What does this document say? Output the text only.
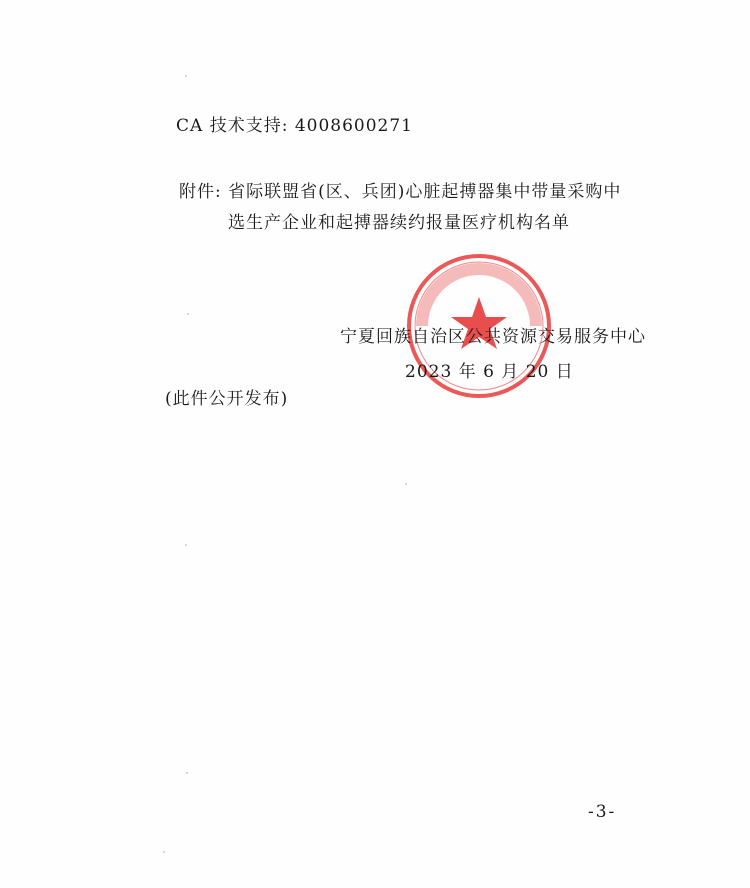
CA 技术支持: 4008600271
附件: 省际联盟省(区、兵团)心脏起搏器集中带量采购中
选生产企业和起搏器续约报量医疗机构名单
宁夏回族自治区公共资源交易服务中心
2023 年 6 月 20 日
(此件公开发布)
-3-
